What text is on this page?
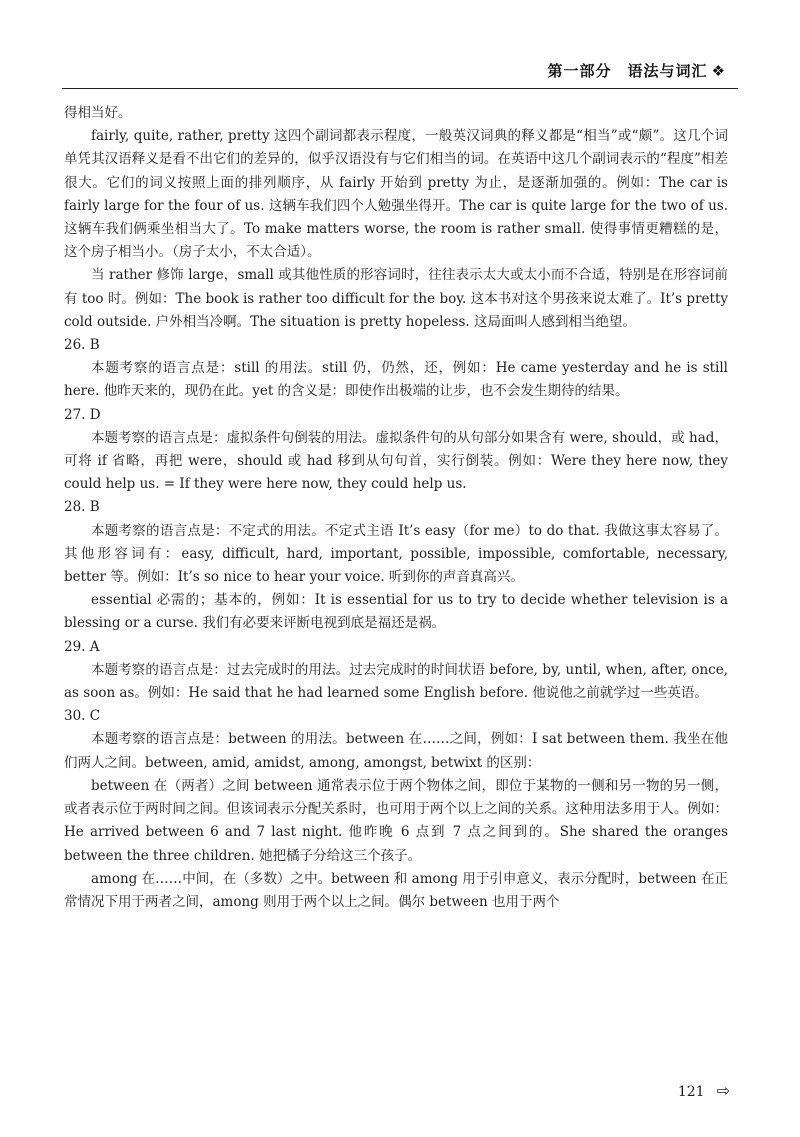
第一部分　语法与词汇 ❖

得相当好。

fairly, quite, rather, pretty 这四个副词都表示程度，一般英汉词典的释义都是“相当”或“颇”。这几个词单凭其汉语释义是看不出它们的差异的，似乎汉语没有与它们相当的词。在英语中这几个副词表示的“程度”相差很大。它们的词义按照上面的排列顺序，从 fairly 开始到 pretty 为止，是逐渐加强的。例如：The car is fairly large for the four of us. 这辆车我们四个人勉强坐得开。The car is quite large for the two of us. 这辆车我们俩乘坐相当大了。To make matters worse, the room is rather small. 使得事情更糟糕的是，这个房子相当小。（房子太小，不太合适）。

当 rather 修饰 large，small 或其他性质的形容词时，往往表示太大或太小而不合适，特别是在形容词前有 too 时。例如：The book is rather too difficult for the boy. 这本书对这个男孩来说太难了。It’s pretty cold outside. 户外相当冷啊。The situation is pretty hopeless. 这局面叫人感到相当绝望。

26. B

本题考察的语言点是：still 的用法。still 仍，仍然，还，例如：He came yesterday and he is still here. 他昨天来的，现仍在此。yet 的含义是：即使作出极端的让步，也不会发生期待的结果。

27. D

本题考察的语言点是：虚拟条件句倒装的用法。虚拟条件句的从句部分如果含有 were, should，或 had，可将 if 省略，再把 were，should 或 had 移到从句句首，实行倒装。例如：Were they here now, they could help us. = If they were here now, they could help us.

28. B

本题考察的语言点是：不定式的用法。不定式主语 It’s easy（for me）to do that. 我做这事太容易了。其他形容词有：easy, difficult, hard, important, possible, impossible, comfortable, necessary, better 等。例如：It’s so nice to hear your voice. 听到你的声音真高兴。

essential 必需的；基本的，例如：It is essential for us to try to decide whether television is a blessing or a curse. 我们有必要来评断电视到底是福还是祸。

29. A

本题考察的语言点是：过去完成时的用法。过去完成时的时间状语 before, by, until, when, after, once, as soon as。例如：He said that he had learned some English before. 他说他之前就学过一些英语。

30. C

本题考察的语言点是：between 的用法。between 在……之间，例如：I sat between them. 我坐在他们两人之间。between, amid, amidst, among, amongst, betwixt 的区别：

between 在（两者）之间 between 通常表示位于两个物体之间，即位于某物的一侧和另一物的另一侧，或者表示位于两时间之间。但该词表示分配关系时，也可用于两个以上之间的关系。这种用法多用于人。例如：He arrived between 6 and 7 last night. 他昨晚 6 点到 7 点之间到的。She shared the oranges between the three children. 她把橘子分给这三个孩子。

among 在……中间，在（多数）之中。between 和 among 用于引申意义，表示分配时，between 在正常情况下用于两者之间，among 则用于两个以上之间。偶尔 between 也用于两个

121 ⇨
